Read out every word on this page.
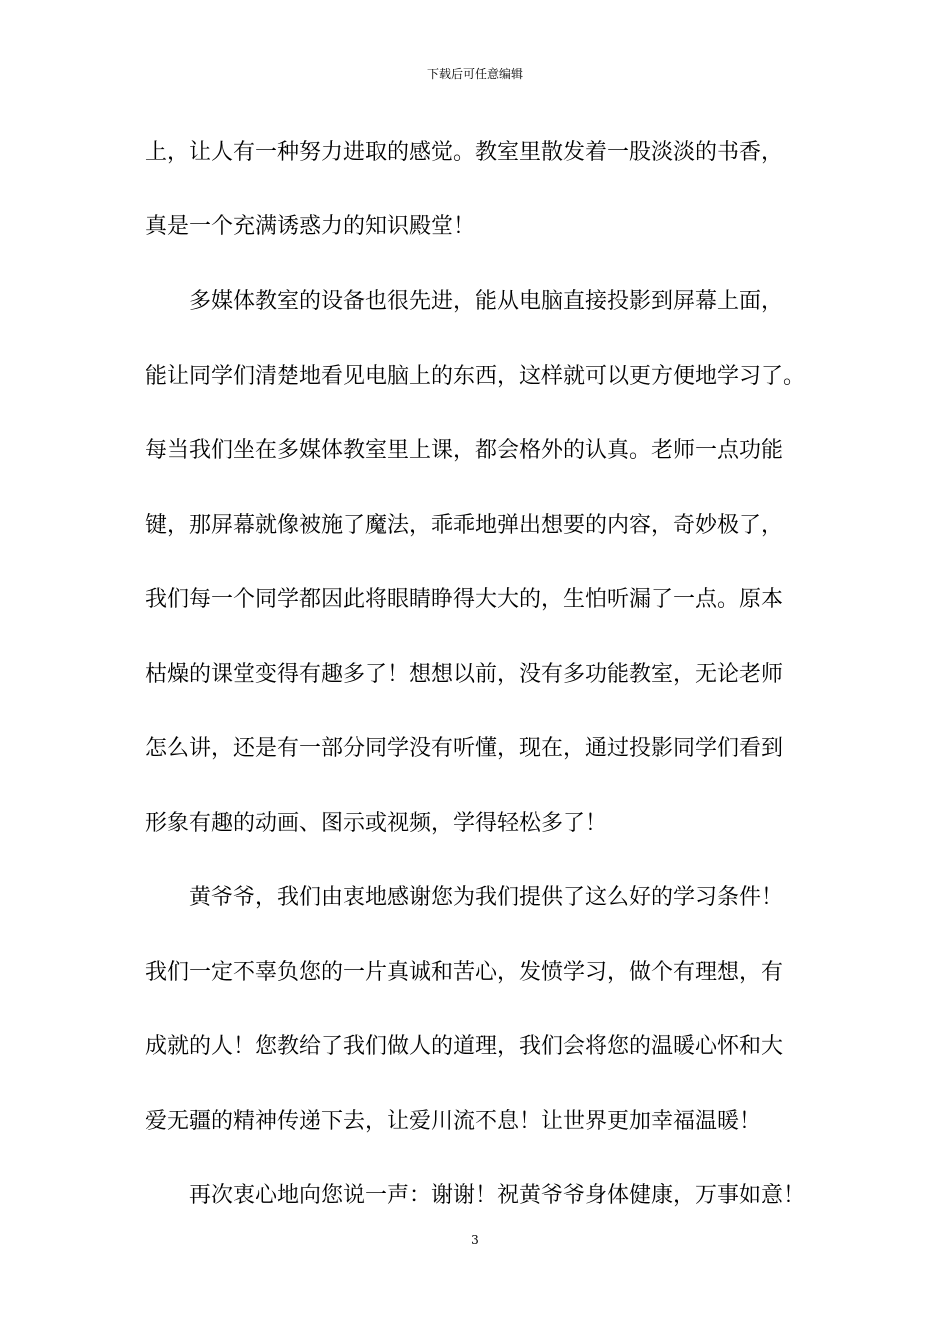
下载后可任意编辑
上，让人有一种努力进取的感觉。教室里散发着一股淡淡的书香，
真是一个充满诱惑力的知识殿堂！
　　多媒体教室的设备也很先进，能从电脑直接投影到屏幕上面，
能让同学们清楚地看见电脑上的东西，这样就可以更方便地学习了。
每当我们坐在多媒体教室里上课，都会格外的认真。老师一点功能
键，那屏幕就像被施了魔法，乖乖地弹出想要的内容，奇妙极了，
我们每一个同学都因此将眼睛睁得大大的，生怕听漏了一点。原本
枯燥的课堂变得有趣多了！想想以前，没有多功能教室，无论老师
怎么讲，还是有一部分同学没有听懂，现在，通过投影同学们看到
形象有趣的动画、图示或视频，学得轻松多了！
　　黄爷爷，我们由衷地感谢您为我们提供了这么好的学习条件！
我们一定不辜负您的一片真诚和苦心，发愤学习，做个有理想，有
成就的人！您教给了我们做人的道理，我们会将您的温暖心怀和大
爱无疆的精神传递下去，让爱川流不息！让世界更加幸福温暖！
　　再次衷心地向您说一声：谢谢！祝黄爷爷身体健康，万事如意！
3
